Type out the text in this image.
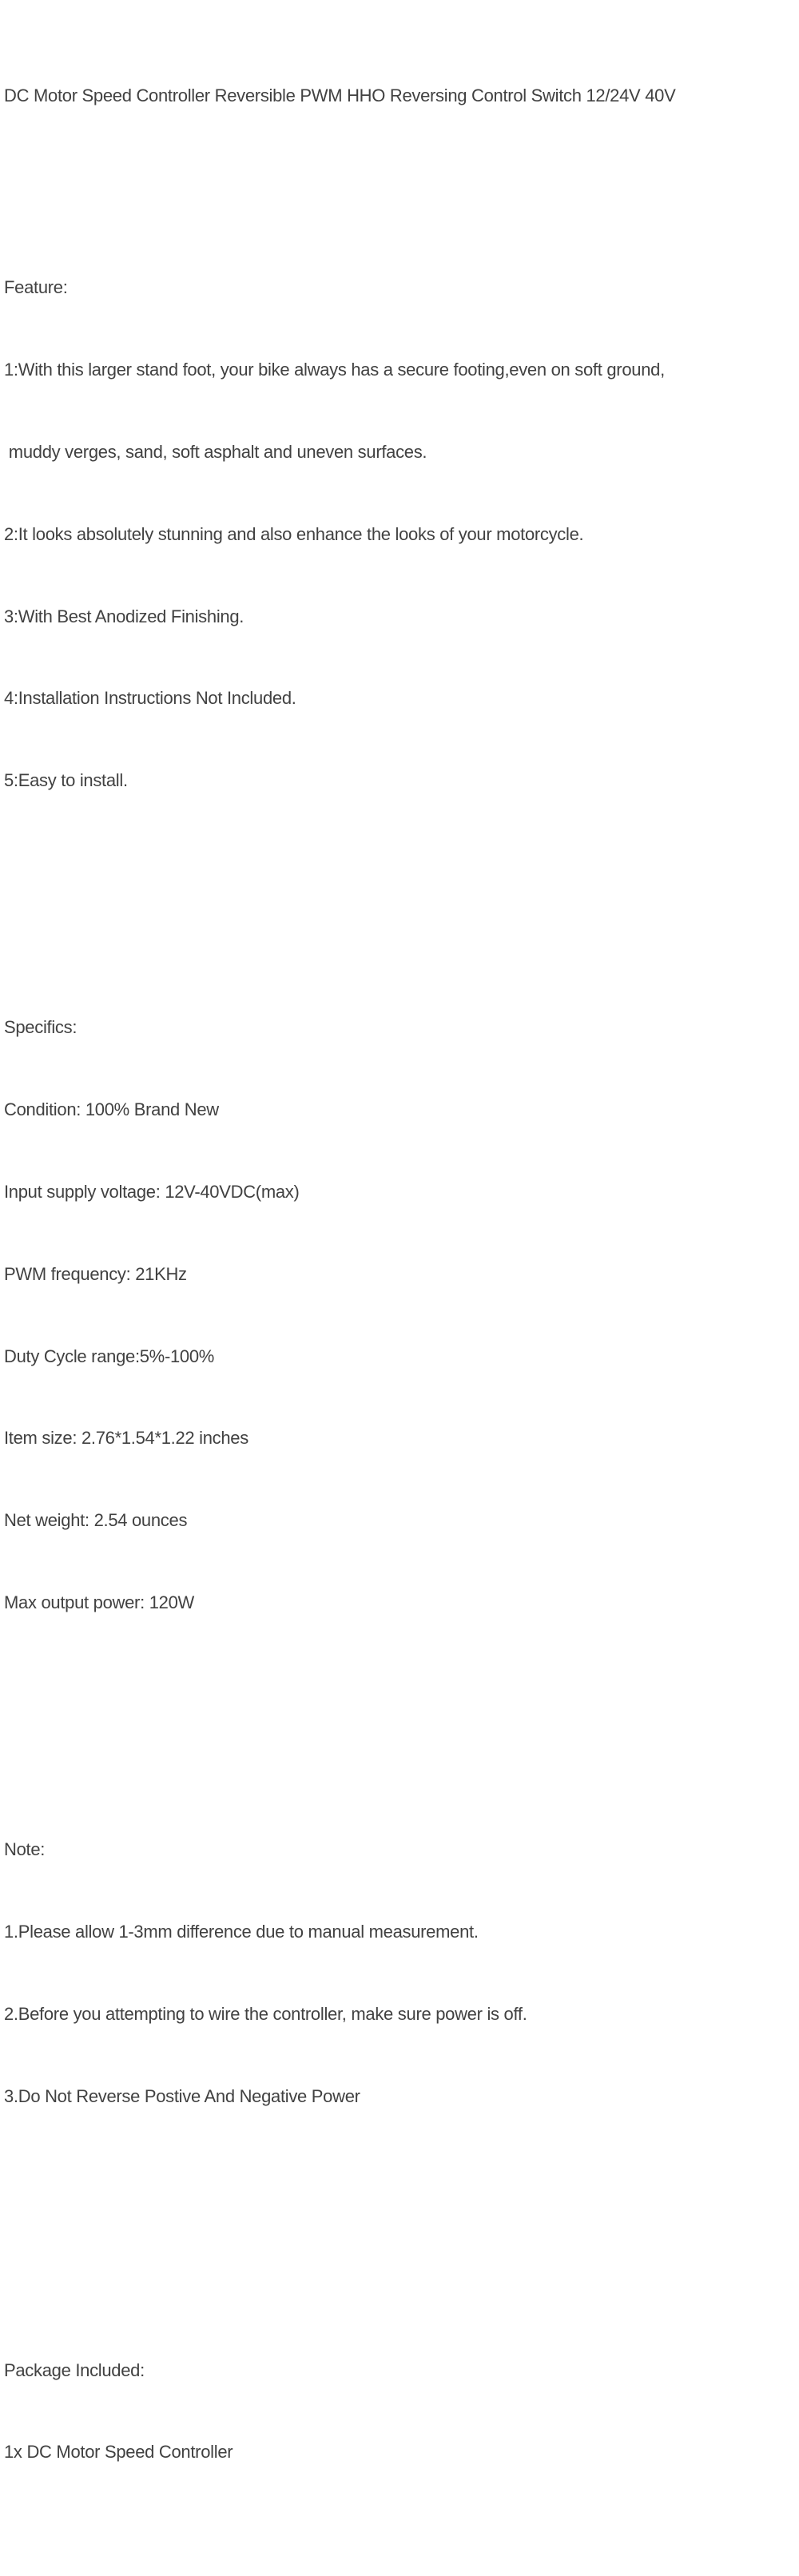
DC Motor Speed Controller Reversible PWM HHO Reversing Control Switch 12/24V 40V

Feature:

1:With this larger stand foot, your bike always has a secure footing,even on soft ground,

muddy verges, sand, soft asphalt and uneven surfaces.

2:It looks absolutely stunning and also enhance the looks of your motorcycle.

3:With Best Anodized Finishing.

4:Installation Instructions Not Included.

5:Easy to install.

Specifics:

Condition: 100% Brand New

Input supply voltage: 12V-40VDC(max)

PWM frequency: 21KHz

Duty Cycle range:5%-100%

Item size: 2.76*1.54*1.22 inches

Net weight: 2.54 ounces

Max output power: 120W

Note:

1.Please allow 1-3mm difference due to manual measurement.

2.Before you attempting to wire the controller, make sure power is off.

3.Do Not Reverse Postive And Negative Power

Package Included:

1x DC Motor Speed Controller
